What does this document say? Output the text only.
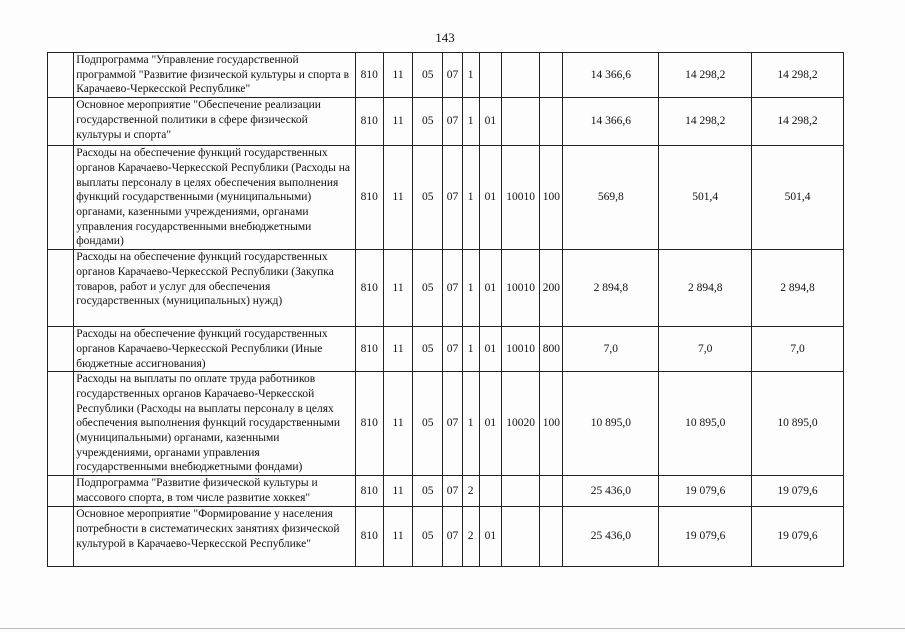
143
	Подпрограмма "Управление государственной программой "Развитие физической культуры и спорта в Карачаево-Черкесской Республике"	810	11	05	07	1				14 366,6	14 298,2	14 298,2
	Основное мероприятие "Обеспечение реализации государственной политики в сфере физической культуры и спорта"	810	11	05	07	1	01			14 366,6	14 298,2	14 298,2
	Расходы на обеспечение функций государственных органов Карачаево-Черкесской Республики (Расходы на выплаты персоналу в целях обеспечения выполнения функций государственными (муниципальными) органами, казенными учреждениями, органами управления государственными внебюджетными фондами)	810	11	05	07	1	01	10010	100	569,8	501,4	501,4
	Расходы на обеспечение функций государственных органов Карачаево-Черкесской Республики (Закупка товаров, работ и услуг для обеспечения государственных (муниципальных) нужд)	810	11	05	07	1	01	10010	200	2 894,8	2 894,8	2 894,8
	Расходы на обеспечение функций государственных органов Карачаево-Черкесской Республики (Иные бюджетные ассигнования)	810	11	05	07	1	01	10010	800	7,0	7,0	7,0
	Расходы на выплаты по оплате труда работников государственных органов Карачаево-Черкесской Республики (Расходы на выплаты персоналу в целях обеспечения выполнения функций государственными (муниципальными) органами, казенными учреждениями, органами управления государственными внебюджетными фондами)	810	11	05	07	1	01	10020	100	10 895,0	10 895,0	10 895,0
	Подпрограмма "Развитие физической культуры и массового спорта, в том числе развитие хоккея"	810	11	05	07	2				25 436,0	19 079,6	19 079,6
	Основное мероприятие "Формирование у населения потребности в систематических занятиях физической культурой в Карачаево-Черкесской Республике"	810	11	05	07	2	01			25 436,0	19 079,6	19 079,6
